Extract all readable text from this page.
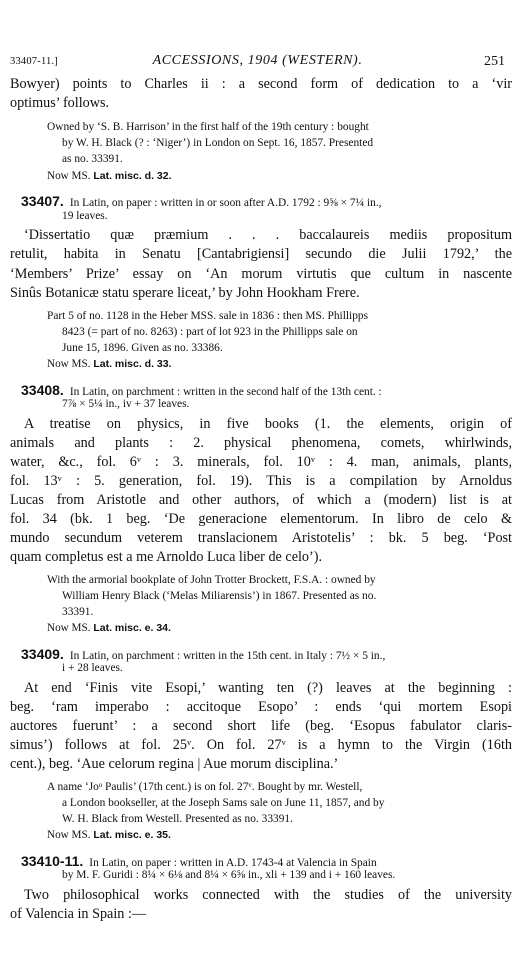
33407-11.]	ACCESSIONS, 1904 (WESTERN).	251
Bowyer) points to Charles ii : a second form of dedication to a ‘vir
optimus’ follows.
Owned by ‘S. B. Harrison’ in the first half of the 19th century : bought
by W. H. Black (? : ‘Niger’) in London on Sept. 16, 1857. Presented
as no. 33391.
Now MS. Lat. misc. d. 32.
33407. In Latin, on paper : written in or soon after A.D. 1792 : 9⅝ × 7¼ in.,
19 leaves.
‘Dissertatio quæ præmium . . . baccalaureis mediis propositum
retulit, habita in Senatu [Cantabrigiensi] secundo die Julii 1792,’ the
‘Members’ Prize’ essay on ‘An morum virtutis que cultum in nascente
Sinûs Botanicæ statu sperare liceat,’ by John Hookham Frere.
Part 5 of no. 1128 in the Heber MSS. sale in 1836 : then MS. Phillipps
8423 (= part of no. 8263) : part of lot 923 in the Phillipps sale on
June 15, 1896. Given as no. 33386.
Now MS. Lat. misc. d. 33.
33408. In Latin, on parchment : written in the second half of the 13th cent. :
7⅞ × 5¼ in., iv + 37 leaves.
A treatise on physics, in five books (1. the elements, origin of
animals and plants : 2. physical phenomena, comets, whirlwinds,
water, &c., fol. 6ᵛ : 3. minerals, fol. 10ᵛ : 4. man, animals, plants,
fol. 13ᵛ : 5. generation, fol. 19). This is a compilation by Arnoldus
Lucas from Aristotle and other authors, of which a (modern) list is at
fol. 34 (bk. 1 beg. ‘De generacione elementorum. In libro de celo &
mundo secundum veterem translacionem Aristotelis’ : bk. 5 beg. ‘Post
quam completus est a me Arnoldo Luca liber de celo’).
With the armorial bookplate of John Trotter Brockett, F.S.A. : owned by
William Henry Black (‘Melas Miliarensis’) in 1867. Presented as no.
33391.
Now MS. Lat. misc. e. 34.
33409. In Latin, on parchment : written in the 15th cent. in Italy : 7½ × 5 in.,
i + 28 leaves.
At end ‘Finis vite Esopi,’ wanting ten (?) leaves at the beginning :
beg. ‘ram imperabo : accitoque Esopo’ : ends ‘qui mortem Esopi
auctores fuerunt’ : a second short life (beg. ‘Esopus fabulator claris-
simus’) follows at fol. 25ᵛ. On fol. 27ᵛ is a hymn to the Virgin (16th
cent.), beg. ‘Aue celorum regina | Aue morum disciplina.’
A name ‘Joᵒ Paulis’ (17th cent.) is on fol. 27ᵛ. Bought by mr. Westell,
a London bookseller, at the Joseph Sams sale on June 11, 1857, and by
W. H. Black from Westell. Presented as no. 33391.
Now MS. Lat. misc. e. 35.
33410-11. In Latin, on paper : written in A.D. 1743-4 at Valencia in Spain
by M. F. Guridi : 8¼ × 6⅛ and 8¼ × 6⅝ in., xli + 139 and i + 160 leaves.
Two philosophical works connected with the studies of the university
of Valencia in Spain :—
